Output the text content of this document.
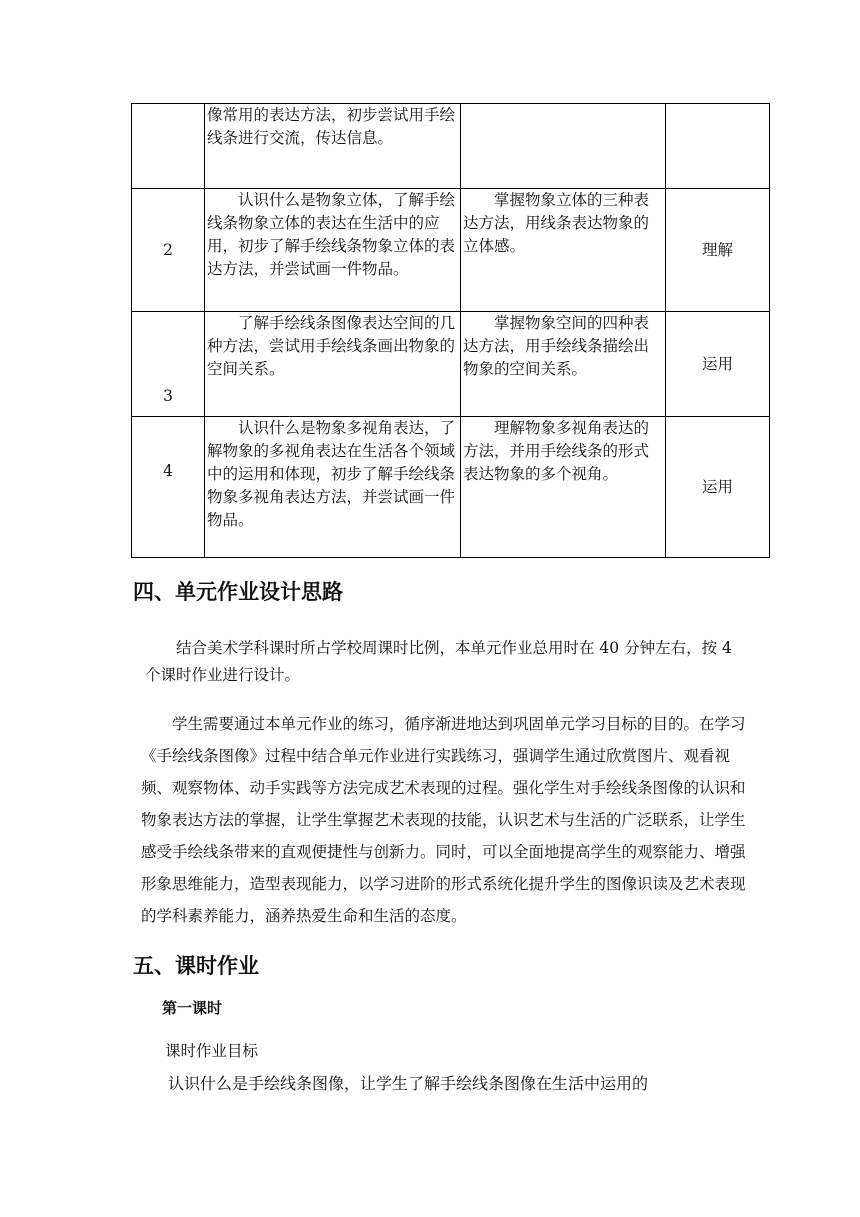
	像常用的表达方法，初步尝试用手绘线条进行交流，传达信息。		

2	　　认识什么是物象立体，了解手绘线条物象立体的表达在生活中的应用，初步了解手绘线条物象立体的表达方法，并尝试画一件物品。	　　掌握物象立体的三种表达方法，用线条表达物象的立体感。	理解

3	　　了解手绘线条图像表达空间的几种方法，尝试用手绘线条画出物象的空间关系。	　　掌握物象空间的四种表达方法，用手绘线条描绘出物象的空间关系。	运用

4	　　认识什么是物象多视角表达，了解物象的多视角表达在生活各个领域中的运用和体现，初步了解手绘线条物象多视角表达方法，并尝试画一件物品。	　　理解物象多视角表达的方法，并用手绘线条的形式表达物象的多个视角。	运用
四、单元作业设计思路

结合美术学科课时所占学校周课时比例，本单元作业总用时在 40 分钟左右，按 4 个课时作业进行设计。

学生需要通过本单元作业的练习，循序渐进地达到巩固单元学习目标的目的。在学习《手绘线条图像》过程中结合单元作业进行实践练习，强调学生通过欣赏图片、观看视频、观察物体、动手实践等方法完成艺术表现的过程。强化学生对手绘线条图像的认识和物象表达方法的掌握，让学生掌握艺术表现的技能，认识艺术与生活的广泛联系，让学生感受手绘线条带来的直观便捷性与创新力。同时，可以全面地提高学生的观察能力、增强形象思维能力，造型表现能力，以学习进阶的形式系统化提升学生的图像识读及艺术表现的学科素养能力，涵养热爱生命和生活的态度。

五、课时作业

第一课时

课时作业目标

认识什么是手绘线条图像，让学生了解手绘线条图像在生活中运用的
